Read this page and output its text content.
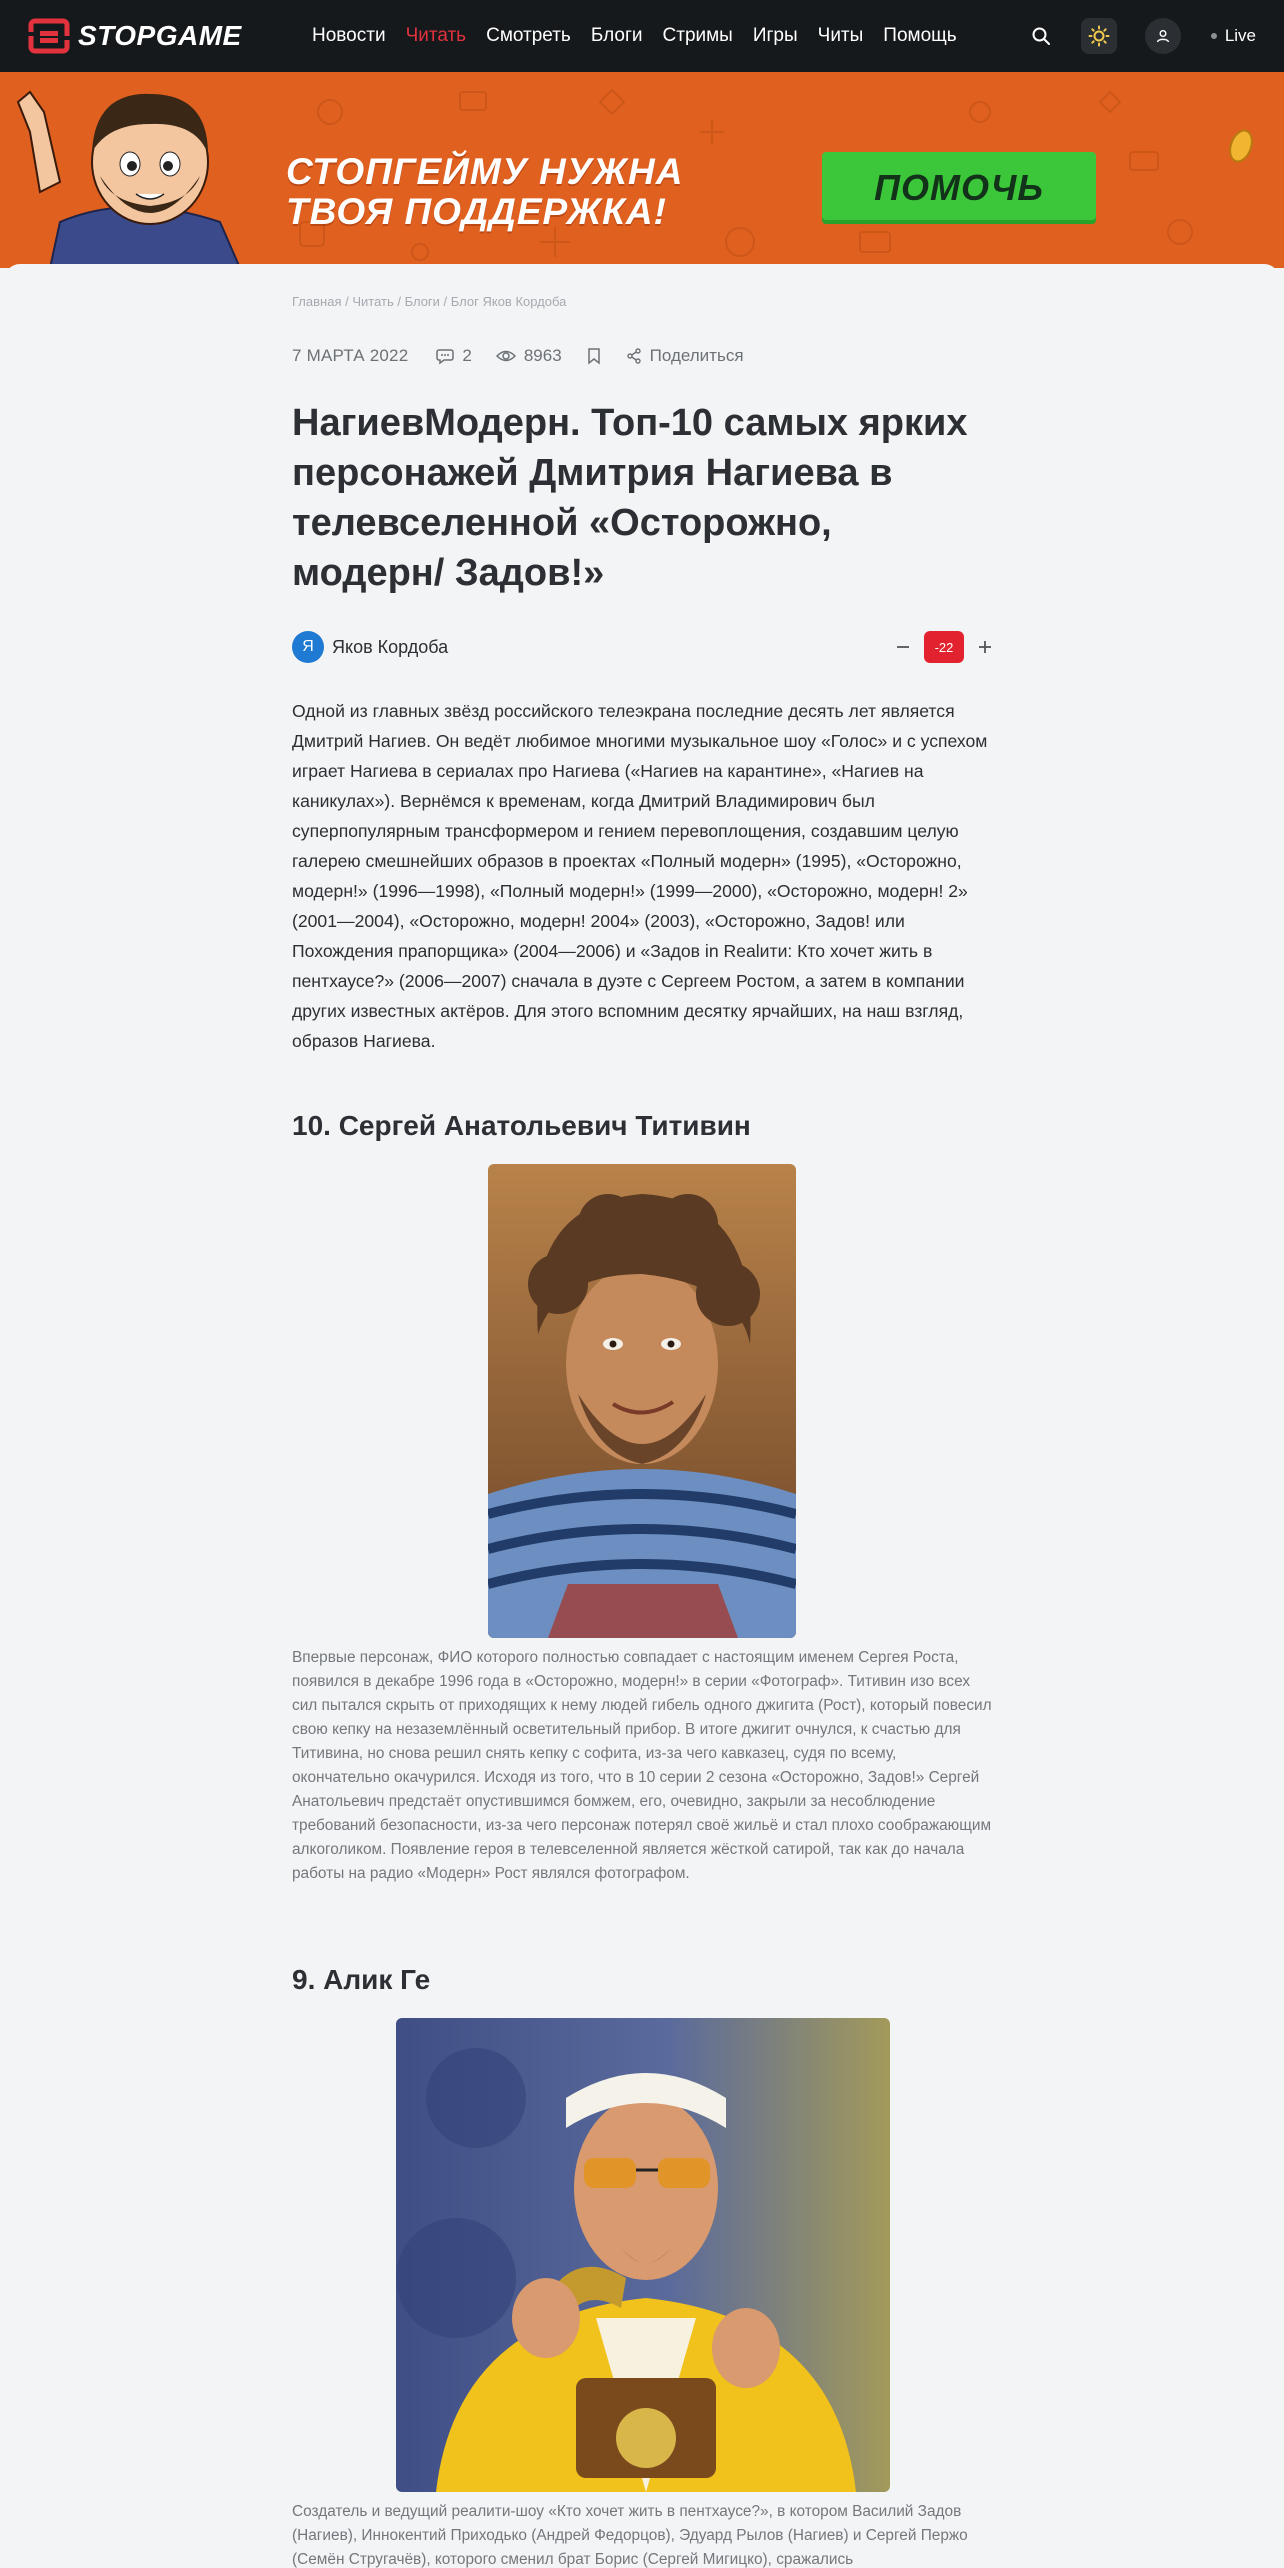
STOPGAME	Новости Читать Смотреть Блоги Стримы Игры Читы Помощь	Live
СТОПГЕЙМУ НУЖНА
ТВОЯ ПОДДЕРЖКА!
ПОМОЧЬ
Главная / Читать / Блоги / Блог Яков Кордоба
7 МАРТА 2022	2	8963	Поделиться
НагиевМодерн. Топ-10 самых ярких персонажей Дмитрия Нагиева в телевселенной «Осторожно, модерн/ Задов!»
Я	Яков Кордоба	-22

Одной из главных звёзд российского телеэкрана последние десять лет является Дмитрий Нагиев. Он ведёт любимое многими музыкальное шоу «Голос» и с успехом играет Нагиева в сериалах про Нагиева («Нагиев на карантине», «Нагиев на каникулах»). Вернёмся к временам, когда Дмитрий Владимирович был суперпопулярным трансформером и гением перевоплощения, создавшим целую галерею смешнейших образов в проектах «Полный модерн» (1995), «Осторожно, модерн!» (1996—1998), «Полный модерн!» (1999—2000), «Осторожно, модерн! 2» (2001—2004), «Осторожно, модерн! 2004» (2003), «Осторожно, Задов! или Похождения прапорщика» (2004—2006) и «Задов in Realити: Кто хочет жить в пентхаусе?» (2006—2007) сначала в дуэте с Сергеем Ростом, а затем в компании других известных актёров. Для этого вспомним десятку ярчайших, на наш взгляд, образов Нагиева.

10. Сергей Анатольевич Титивин

Впервые персонаж, ФИО которого полностью совпадает с настоящим именем Сергея Роста, появился в декабре 1996 года в «Осторожно, модерн!» в серии «Фотограф». Титивин изо всех сил пытался скрыть от приходящих к нему людей гибель одного джигита (Рост), который повесил свою кепку на незаземлённый осветительный прибор. В итоге джигит очнулся, к счастью для Титивина, но снова решил снять кепку с софита, из-за чего кавказец, судя по всему, окончательно окачурился. Исходя из того, что в 10 серии 2 сезона «Осторожно, Задов!» Сергей Анатольевич предстаёт опустившимся бомжем, его, очевидно, закрыли за несоблюдение требований безопасности, из-за чего персонаж потерял своё жильё и стал плохо соображающим алкоголиком. Появление героя в телевселенной является жёсткой сатирой, так как до начала работы на радио «Модерн» Рост являлся фотографом.

9. Алик Ге

Создатель и ведущий реалити-шоу «Кто хочет жить в пентхаусе?», в котором Василий Задов (Нагиев), Иннокентий Приходько (Андрей Федорцов), Эдуард Рылов (Нагиев) и Сергей Пержо (Семён Стругачёв), которого сменил брат Борис (Сергей Мигицко), сражались
